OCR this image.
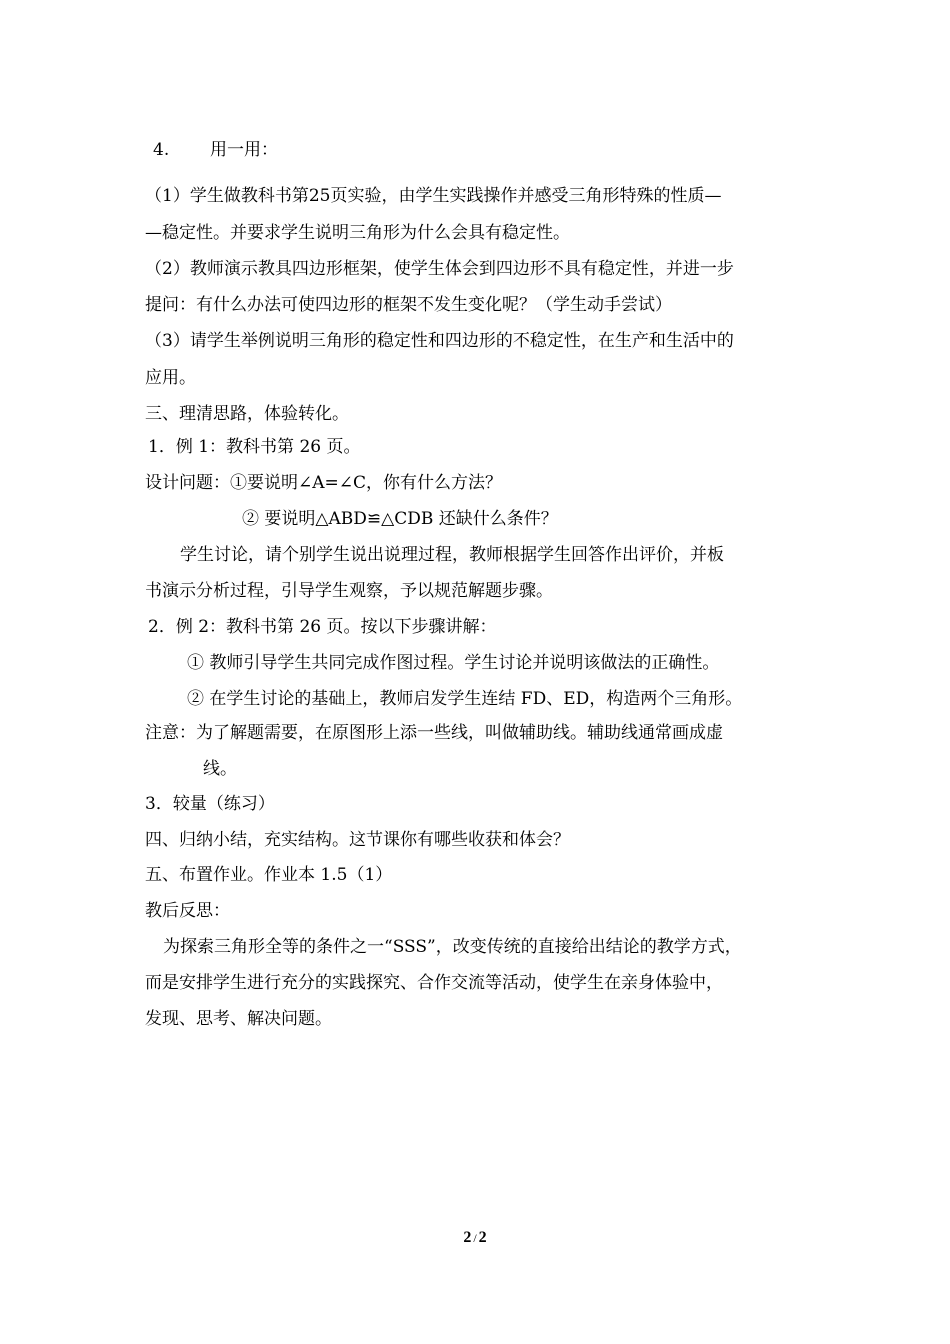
4. 用一用：
（1）学生做教科书第25页实验，由学生实践操作并感受三角形特殊的性质—
—稳定性。并要求学生说明三角形为什么会具有稳定性。
（2）教师演示教具四边形框架，使学生体会到四边形不具有稳定性，并进一步
提问：有什么办法可使四边形的框架不发生变化呢？（学生动手尝试）
（3）请学生举例说明三角形的稳定性和四边形的不稳定性，在生产和生活中的
应用。
三、理清思路，体验转化。
1．例 1：教科书第 26 页。
设计问题：①要说明∠A=∠C，你有什么方法？
② 要说明△ABD≌△CDB 还缺什么条件？
学生讨论，请个别学生说出说理过程，教师根据学生回答作出评价，并板
书演示分析过程，引导学生观察，予以规范解题步骤。
2．例 2：教科书第 26 页。按以下步骤讲解：
① 教师引导学生共同完成作图过程。学生讨论并说明该做法的正确性。
② 在学生讨论的基础上，教师启发学生连结 FD、ED，构造两个三角形。
注意：为了解题需要，在原图形上添一些线，叫做辅助线。辅助线通常画成虚
线。
3．较量（练习）
四、归纳小结，充实结构。这节课你有哪些收获和体会？
五、布置作业。作业本 1.5（1）
教后反思：
为探索三角形全等的条件之一“SSS”，改变传统的直接给出结论的教学方式，
而是安排学生进行充分的实践探究、合作交流等活动，使学生在亲身体验中，
发现、思考、解决问题。
2 / 2
